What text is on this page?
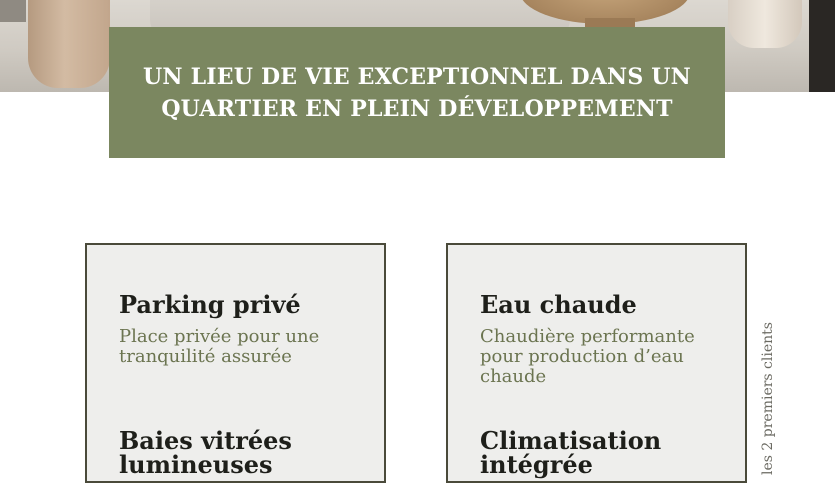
UN LIEU DE VIE EXCEPTIONNEL DANS UN
QUARTIER EN PLEIN DÉVELOPPEMENT
Parking privé

Place privée pour une tranquilité assurée

Baies vitrées lumineuses
Eau chaude

Chaudière performante pour production d’eau chaude

Climatisation intégrée	les 2 premiers clients
